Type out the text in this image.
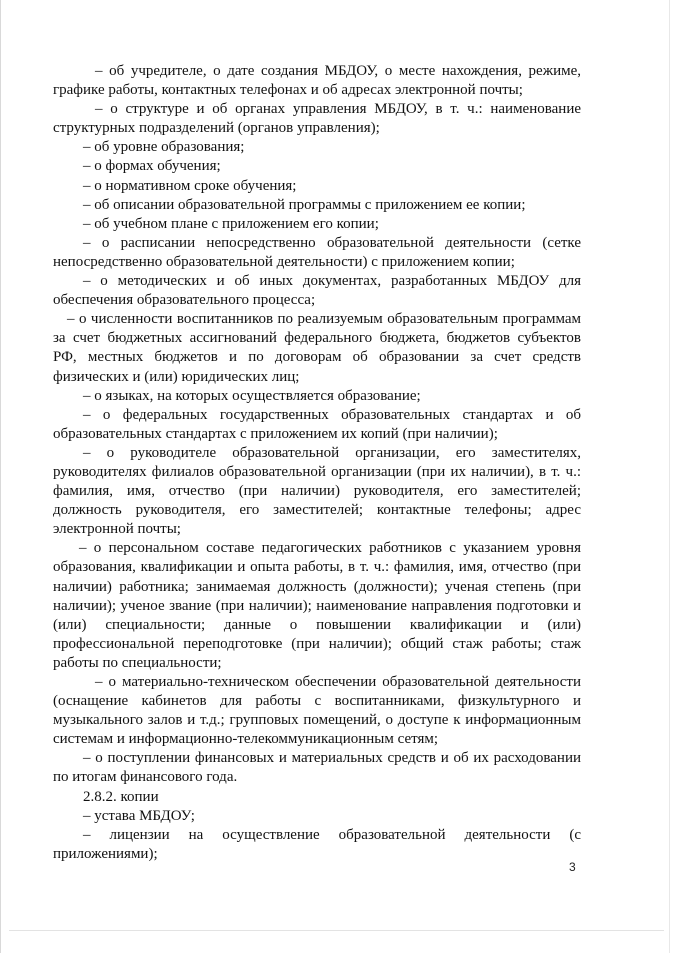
– об учредителе, о дате создания МБДОУ, о месте нахождения, режиме, графике работы, контактных телефонах и об адресах электронной почты;

– о структуре и об органах управления МБДОУ, в т. ч.: наименование структурных подразделений (органов управления);

– об уровне образования;

– о формах обучения;

– о нормативном сроке обучения;

– об описании образовательной программы с приложением ее копии;

– об учебном плане с приложением его копии;

– о расписании непосредственно образовательной деятельности (сетке непосредственно образовательной деятельности) с приложением копии;

– о методических и об иных документах, разработанных МБДОУ для обеспечения образовательного процесса;

– о численности воспитанников по реализуемым образовательным программам за счет бюджетных ассигнований федерального бюджета, бюджетов субъектов РФ, местных бюджетов и по договорам об образовании за счет средств физических и (или) юридических лиц;

– о языках, на которых осуществляется образование;

– о федеральных государственных образовательных стандартах и об образовательных стандартах с приложением их копий (при наличии);

– о руководителе образовательной организации, его заместителях, руководителях филиалов образовательной организации (при их наличии), в т. ч.: фамилия, имя, отчество (при наличии) руководителя, его заместителей; должность руководителя, его заместителей; контактные телефоны; адрес электронной почты;

– о персональном составе педагогических работников с указанием уровня образования, квалификации и опыта работы, в т. ч.: фамилия, имя, отчество (при наличии) работника; занимаемая должность (должности); ученая степень (при наличии); ученое звание (при наличии); наименование направления подготовки и (или) специальности; данные о повышении квалификации и (или) профессиональной переподготовке (при наличии); общий стаж работы; стаж работы по специальности;

– о материально-техническом обеспечении образовательной деятельности (оснащение кабинетов для работы с воспитанниками, физкультурного и музыкального залов и т.д.; групповых помещений, о доступе к информационным системам и информационно-телекоммуникационным сетям;

– о поступлении финансовых и материальных средств и об их расходовании по итогам финансового года.

2.8.2. копии

– устава МБДОУ;

– лицензии на осуществление образовательной деятельности (с приложениями);

3
